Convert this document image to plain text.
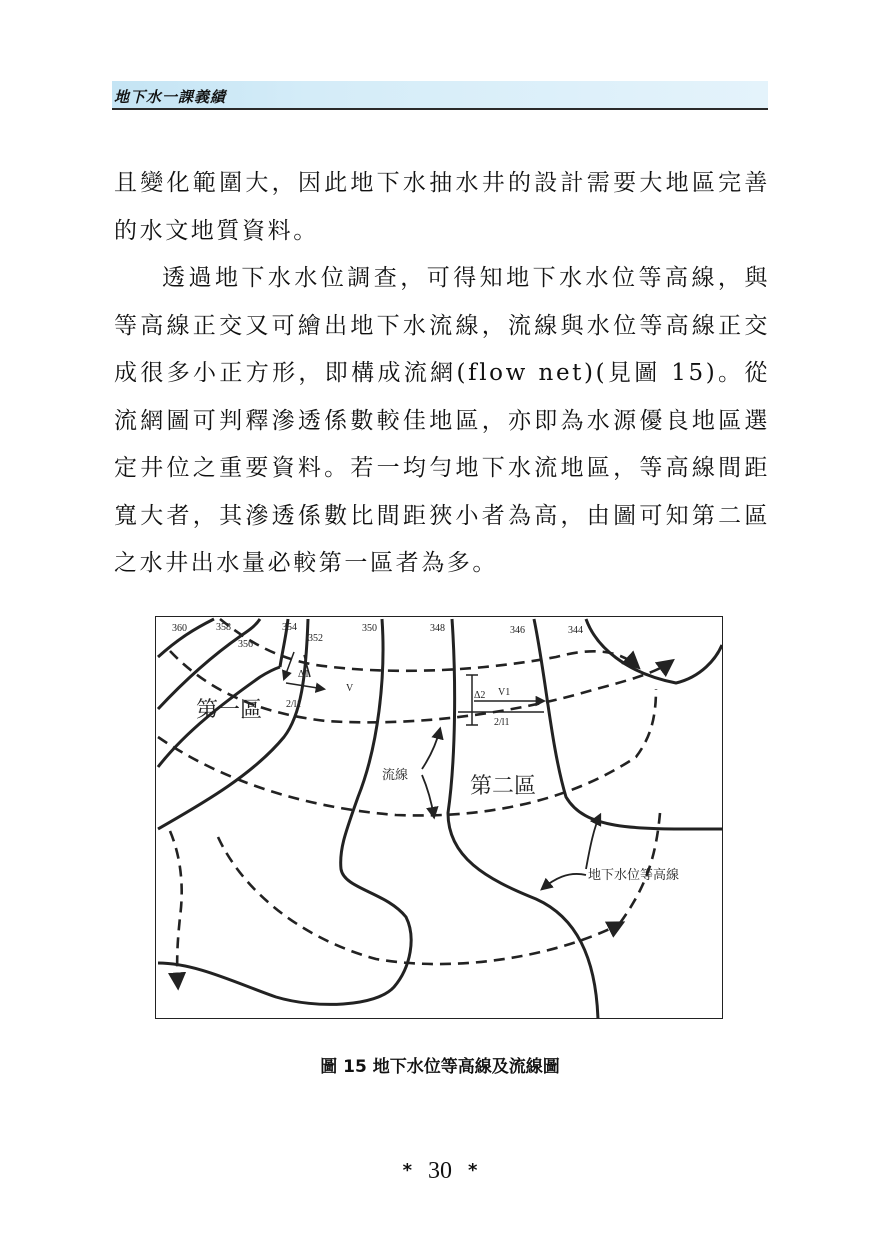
地下水一課義績

且變化範圍大，因此地下水抽水井的設計需要大地區完善的水文地質資料。

透過地下水水位調查，可得知地下水水位等高線，與等高線正交又可繪出地下水流線，流線與水位等高線正交成很多小正方形，即構成流網(flow net)(見圖 15)。從流網圖可判釋滲透係數較佳地區，亦即為水源優良地區選定井位之重要資料。若一均勻地下水流地區，等高線間距寬大者，其滲透係數比間距狹小者為高，由圖可知第二區之水井出水量必較第一區者為多。

Δ1
V
2/l1
Δ2 V1
2/l1
360	358
356
354
352
350	348	346	344
第一區
第二區
流線
地下水位等高線
圖 15 地下水位等高線及流線圖
* 30 *
